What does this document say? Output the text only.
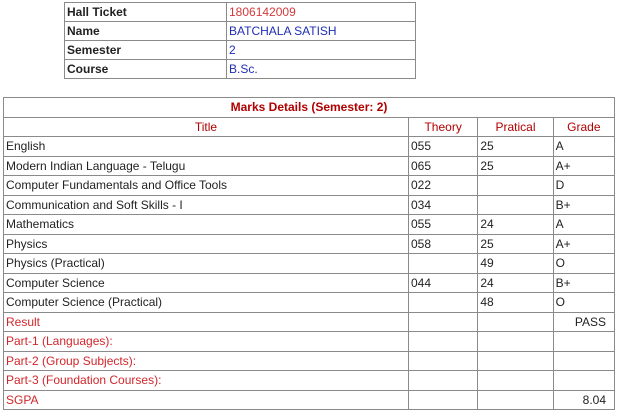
Hall Ticket	1806142009
Name	BATCHALA SATISH
Semester	2
Course	B.Sc.
Marks Details (Semester: 2)			
Title	Theory	Pratical	Grade
English	055	25	A
Modern Indian Language - Telugu	065	25	A+
Computer Fundamentals and Office Tools	022		D
Communication and Soft Skills - I	034		B+
Mathematics	055	24	A
Physics	058	25	A+
Physics (Practical)		49	O
Computer Science	044	24	B+
Computer Science (Practical)		48	O
Result			PASS
Part-1 (Languages):			
Part-2 (Group Subjects):			
Part-3 (Foundation Courses):			
SGPA			8.04
